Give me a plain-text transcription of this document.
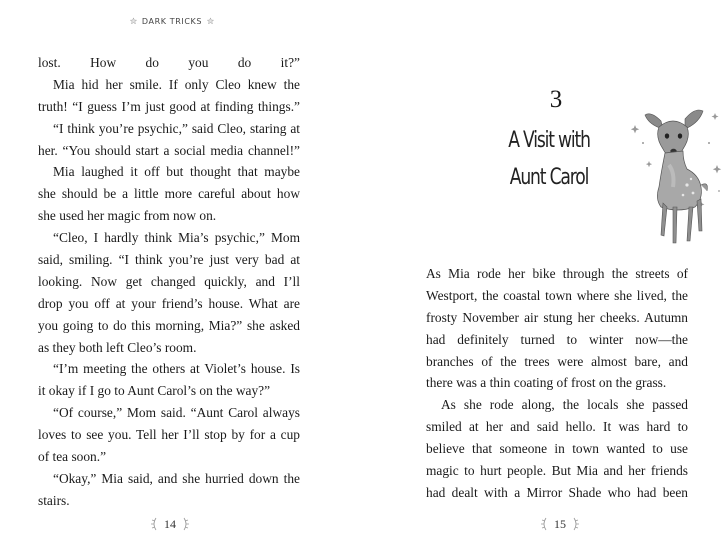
DARK TRICKS
lost. How do you do it?”
Mia hid her smile. If only Cleo knew the
truth! “I guess I’m just good at finding things.”
“I think you’re psychic,” said Cleo, staring at
her. “You should start a social media channel!”
Mia laughed it off but thought that maybe
she should be a little more careful about how
she used her magic from now on.
“Cleo, I hardly think Mia’s psychic,” Mom
said, smiling. “I think you’re just very bad at
looking. Now get changed quickly, and I’ll
drop you off at your friend’s house. What are
you going to do this morning, Mia?” she asked
as they both left Cleo’s room.
“I’m meeting the others at Violet’s house. Is
it okay if I go to Aunt Carol’s on the way?”
“Of course,” Mom said. “Aunt Carol always
loves to see you. Tell her I’ll stop by for a cup
of tea soon.”
“Okay,” Mia said, and she hurried down the
stairs.
14
3
A Visit with
Aunt Carol
As Mia rode her bike through the streets of
Westport, the coastal town where she lived, the
frosty November air stung her cheeks. Autumn
had definitely turned to winter now—the
branches of the trees were almost bare, and
there was a thin coating of frost on the grass.
As she rode along, the locals she passed
smiled at her and said hello. It was hard to
believe that someone in town wanted to use
magic to hurt people. But Mia and her friends
had dealt with a Mirror Shade who had been
15
